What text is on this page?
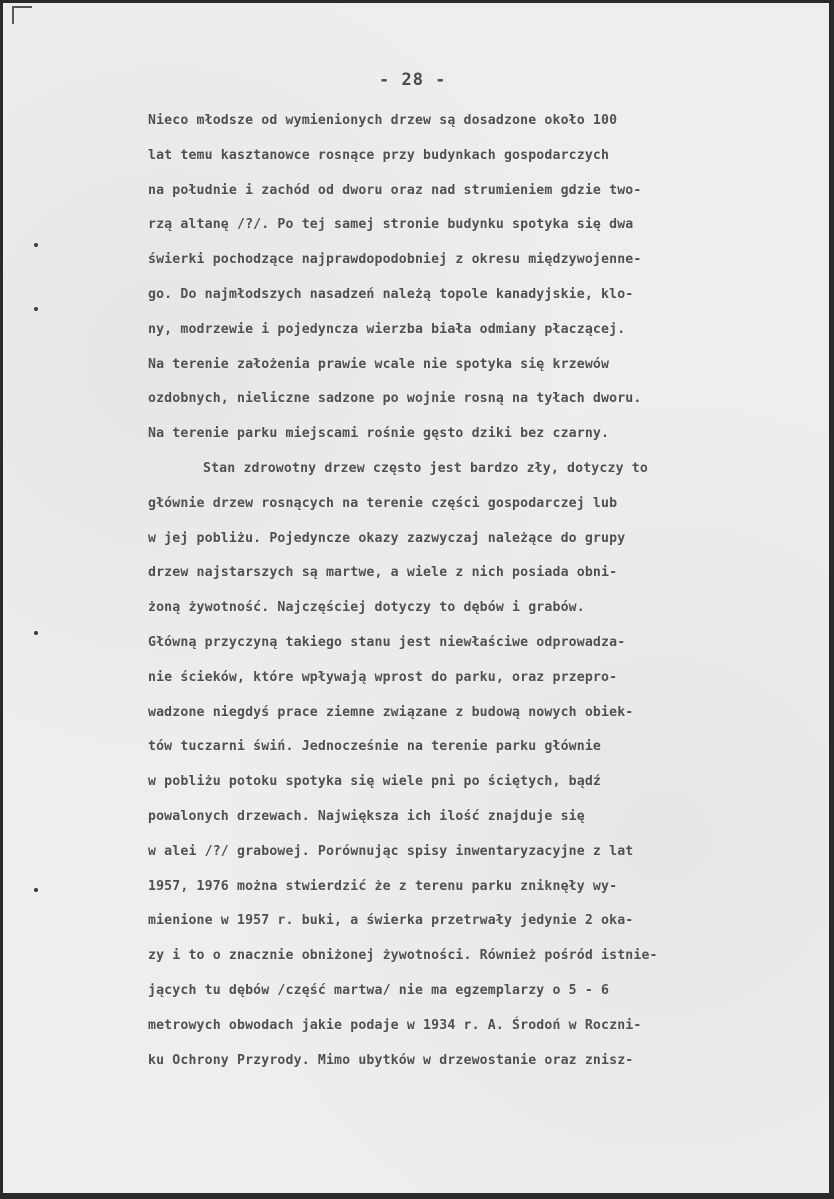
- 28 -
Nieco młodsze od wymienionych drzew są dosadzone około 100
lat temu kasztanowce rosnące przy budynkach gospodarczych
na południe i zachód od dworu oraz nad strumieniem gdzie two-
rzą altanę /?/. Po tej samej stronie budynku spotyka się dwa
świerki pochodzące najprawdopodobniej z okresu międzywojenne-
go. Do najmłodszych nasadzeń należą topole kanadyjskie, klo-
ny, modrzewie i pojedyncza wierzba biała odmiany płaczącej.
Na terenie założenia prawie wcale nie spotyka się krzewów
ozdobnych, nieliczne sadzone po wojnie rosną na tyłach dworu.
Na terenie parku miejscami rośnie gęsto dziki bez czarny.
Stan zdrowotny drzew często jest bardzo zły, dotyczy to
głównie drzew rosnących na terenie części gospodarczej lub
w jej pobliżu. Pojedyncze okazy zazwyczaj należące do grupy
drzew najstarszych są martwe, a wiele z nich posiada obni-
żoną żywotność. Najczęściej dotyczy to dębów i grabów.
Główną przyczyną takiego stanu jest niewłaściwe odprowadza-
nie ścieków, które wpływają wprost do parku, oraz przepro-
wadzone niegdyś prace ziemne związane z budową nowych obiek-
tów tuczarni świń. Jednocześnie na terenie parku głównie
w pobliżu potoku spotyka się wiele pni po ściętych, bądź
powalonych drzewach. Największa ich ilość znajduje się
w alei /?/ grabowej. Porównując spisy inwentaryzacyjne z lat
1957, 1976 można stwierdzić że z terenu parku zniknęły wy-
mienione w 1957 r. buki, a świerka przetrwały jedynie 2 oka-
zy i to o znacznie obniżonej żywotności. Również pośród istnie-
jących tu dębów /część martwa/ nie ma egzemplarzy o 5 - 6
metrowych obwodach jakie podaje w 1934 r. A. Środoń w Roczni-
ku Ochrony Przyrody. Mimo ubytków w drzewostanie oraz znisz-
